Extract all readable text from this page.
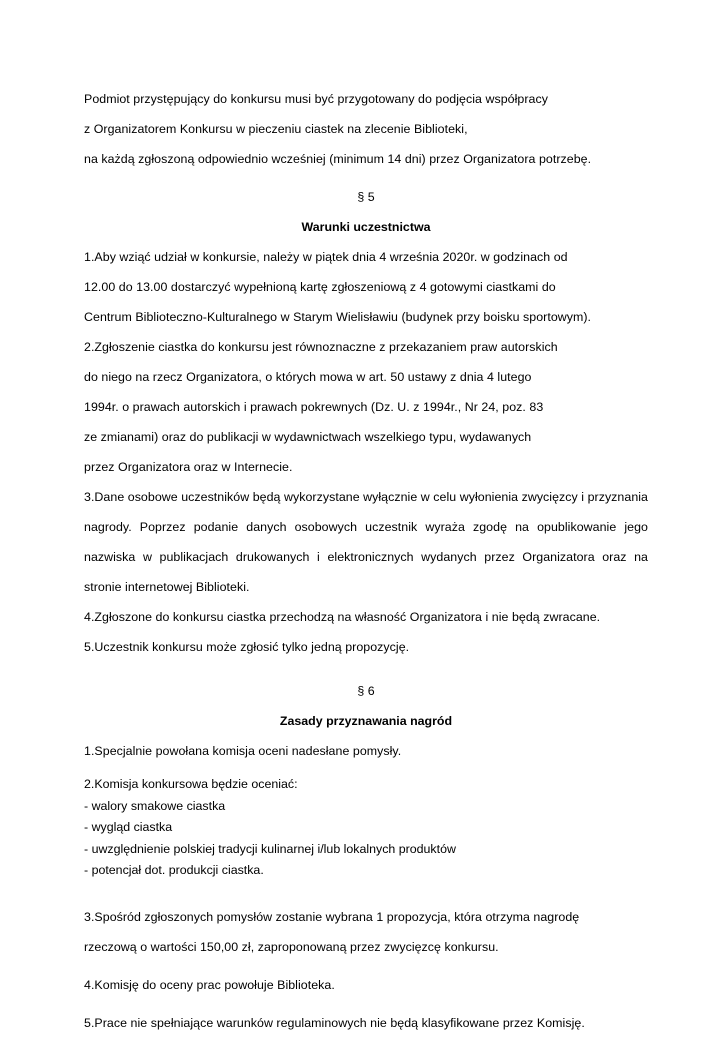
Podmiot przystępujący do konkursu musi być przygotowany do podjęcia współpracy

z Organizatorem Konkursu w pieczeniu ciastek na zlecenie Biblioteki,

na każdą zgłoszoną odpowiednio wcześniej (minimum 14 dni) przez Organizatora potrzebę.

§ 5

Warunki uczestnictwa

1.Aby wziąć udział w konkursie, należy w piątek dnia 4 września 2020r. w godzinach od

12.00 do 13.00 dostarczyć wypełnioną kartę zgłoszeniową z 4 gotowymi ciastkami do

Centrum Biblioteczno-Kulturalnego w Starym Wielisławiu (budynek przy boisku sportowym).

2.Zgłoszenie ciastka do konkursu jest równoznaczne z przekazaniem praw autorskich

do niego na rzecz Organizatora, o których mowa w art. 50 ustawy z dnia 4 lutego

1994r. o prawach autorskich i prawach pokrewnych (Dz. U. z 1994r., Nr 24, poz. 83

ze zmianami) oraz do publikacji w wydawnictwach wszelkiego typu, wydawanych

przez Organizatora oraz w Internecie.

3.Dane osobowe uczestników będą wykorzystane wyłącznie w celu wyłonienia zwycięzcy i przyznania nagrody. Poprzez podanie danych osobowych uczestnik wyraża zgodę na opublikowanie jego nazwiska w publikacjach drukowanych i elektronicznych wydanych przez Organizatora oraz na stronie internetowej Biblioteki.

4.Zgłoszone do konkursu ciastka przechodzą na własność Organizatora i nie będą zwracane.

5.Uczestnik konkursu może zgłosić tylko jedną propozycję.

§ 6

Zasady przyznawania nagród

1.Specjalnie powołana komisja oceni nadesłane pomysły.

2.Komisja konkursowa będzie oceniać:

- walory smakowe ciastka

- wygląd ciastka

- uwzględnienie polskiej tradycji kulinarnej i/lub lokalnych produktów

- potencjał dot. produkcji ciastka.

3.Spośród zgłoszonych pomysłów zostanie wybrana 1 propozycja, która otrzyma nagrodę

rzeczową o wartości 150,00 zł, zaproponowaną przez zwycięzcę konkursu.

4.Komisję do oceny prac powołuje Biblioteka.

5.Prace nie spełniające warunków regulaminowych nie będą klasyfikowane przez Komisję.
